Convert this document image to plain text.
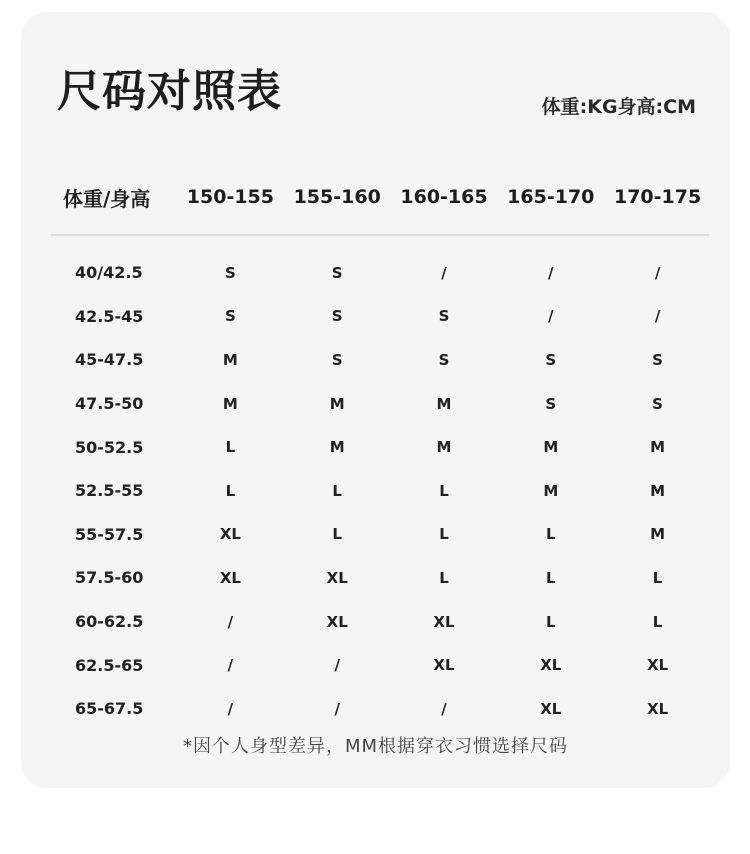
尺码对照表	体重:KG身高:CM
体重/身高	150-155	155-160	160-165	165-170	170-175
40/42.5	S	S	/	/	/
42.5-45	S	S	S	/	/
45-47.5	M	S	S	S	S
47.5-50	M	M	M	S	S
50-52.5	L	M	M	M	M
52.5-55	L	L	L	M	M
55-57.5	XL	L	L	L	M
57.5-60	XL	XL	L	L	L
60-62.5	/	XL	XL	L	L
62.5-65	/	/	XL	XL	XL
65-67.5	/	/	/	XL	XL
*因个人身型差异，MM根据穿衣习惯选择尺码
